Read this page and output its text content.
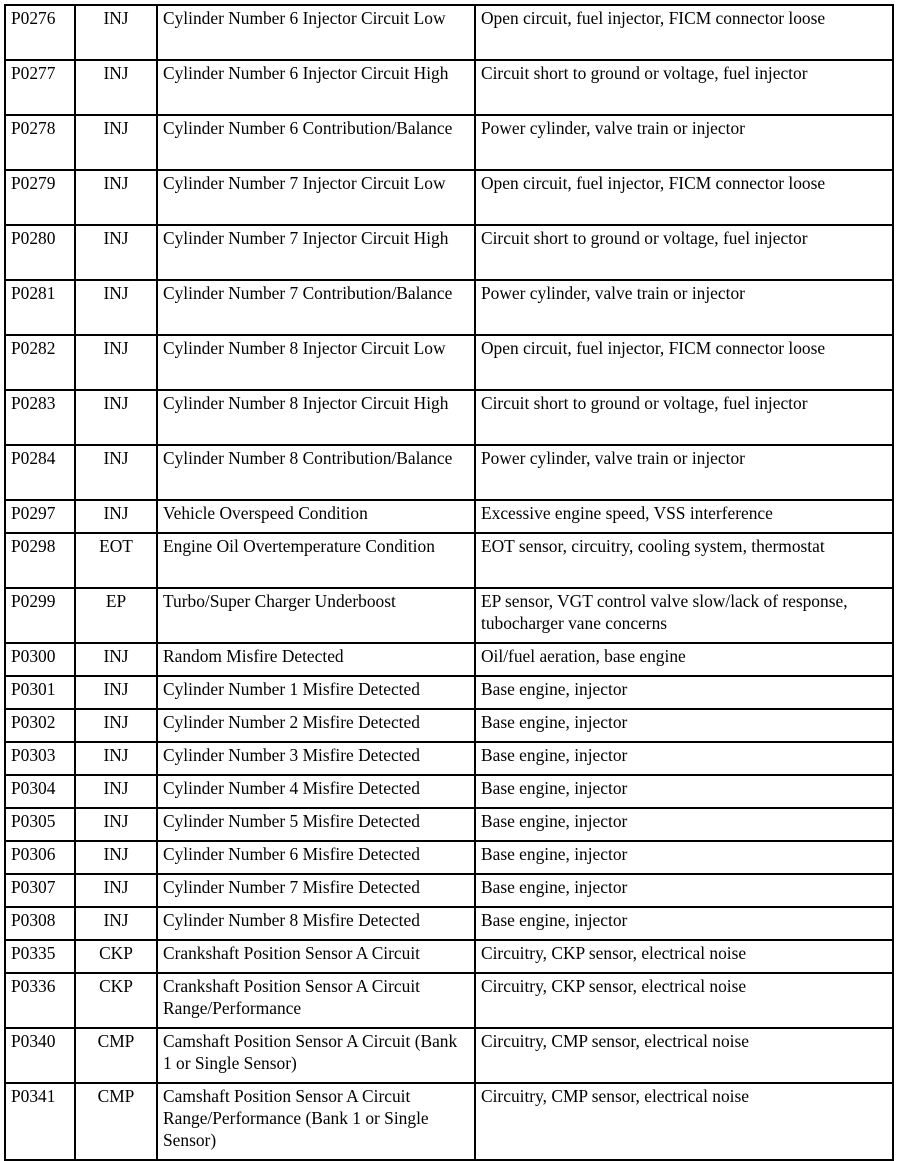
P0276	INJ	Cylinder Number 6 Injector Circuit Low	Open circuit, fuel injector, FICM connector loose
P0277	INJ	Cylinder Number 6 Injector Circuit High	Circuit short to ground or voltage, fuel injector
P0278	INJ	Cylinder Number 6 Contribution/Balance	Power cylinder, valve train or injector
P0279	INJ	Cylinder Number 7 Injector Circuit Low	Open circuit, fuel injector, FICM connector loose
P0280	INJ	Cylinder Number 7 Injector Circuit High	Circuit short to ground or voltage, fuel injector
P0281	INJ	Cylinder Number 7 Contribution/Balance	Power cylinder, valve train or injector
P0282	INJ	Cylinder Number 8 Injector Circuit Low	Open circuit, fuel injector, FICM connector loose
P0283	INJ	Cylinder Number 8 Injector Circuit High	Circuit short to ground or voltage, fuel injector
P0284	INJ	Cylinder Number 8 Contribution/Balance	Power cylinder, valve train or injector
P0297	INJ	Vehicle Overspeed Condition	Excessive engine speed, VSS interference
P0298	EOT	Engine Oil Overtemperature Condition	EOT sensor, circuitry, cooling system, thermostat
P0299	EP	Turbo/Super Charger Underboost	EP sensor, VGT control valve slow/lack of response, tubocharger vane concerns
P0300	INJ	Random Misfire Detected	Oil/fuel aeration, base engine
P0301	INJ	Cylinder Number 1 Misfire Detected	Base engine, injector
P0302	INJ	Cylinder Number 2 Misfire Detected	Base engine, injector
P0303	INJ	Cylinder Number 3 Misfire Detected	Base engine, injector
P0304	INJ	Cylinder Number 4 Misfire Detected	Base engine, injector
P0305	INJ	Cylinder Number 5 Misfire Detected	Base engine, injector
P0306	INJ	Cylinder Number 6 Misfire Detected	Base engine, injector
P0307	INJ	Cylinder Number 7 Misfire Detected	Base engine, injector
P0308	INJ	Cylinder Number 8 Misfire Detected	Base engine, injector
P0335	CKP	Crankshaft Position Sensor A Circuit	Circuitry, CKP sensor, electrical noise
P0336	CKP	Crankshaft Position Sensor A Circuit Range/Performance	Circuitry, CKP sensor, electrical noise
P0340	CMP	Camshaft Position Sensor A Circuit (Bank 1 or Single Sensor)	Circuitry, CMP sensor, electrical noise
P0341	CMP	Camshaft Position Sensor A Circuit Range/Performance (Bank 1 or Single Sensor)	Circuitry, CMP sensor, electrical noise
